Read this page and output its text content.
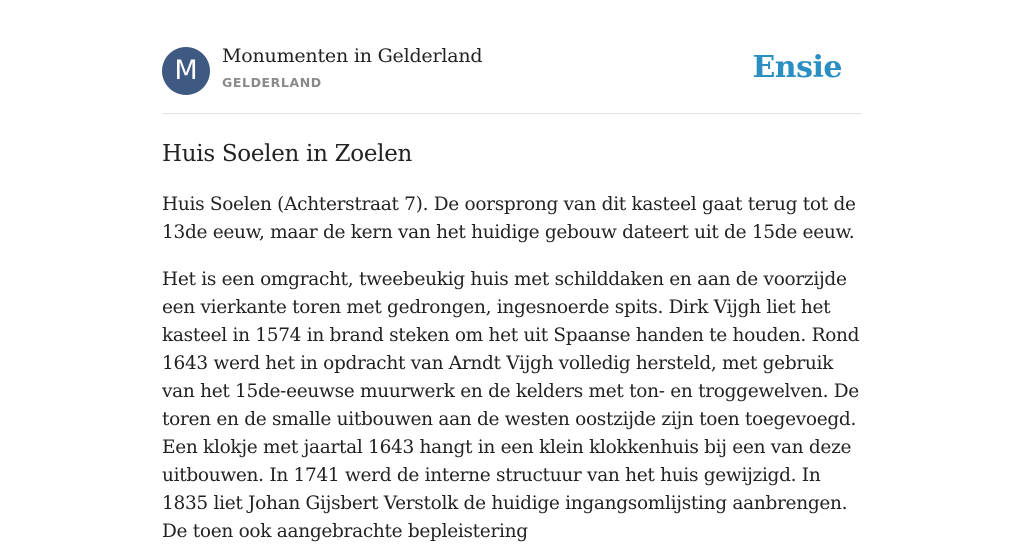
M	Monumenten in Gelderland
GELDERLAND	Ensie
Huis Soelen in Zoelen

Huis Soelen (Achterstraat 7). De oorsprong van dit kasteel gaat terug tot de 13de eeuw, maar de kern van het huidige gebouw dateert uit de 15de eeuw.

Het is een omgracht, tweebeukig huis met schilddaken en aan de voorzijde een vierkante toren met gedrongen, ingesnoerde spits. Dirk Vijgh liet het kasteel in 1574 in brand steken om het uit Spaanse handen te houden. Rond 1643 werd het in opdracht van Arndt Vijgh volledig hersteld, met gebruik van het 15de-eeuwse muurwerk en de kelders met ton- en troggewelven. De toren en de smalle uitbouwen aan de westen oostzijde zijn toen toegevoegd. Een klokje met jaartal 1643 hangt in een klein klokkenhuis bij een van deze uitbouwen. In 1741 werd de interne structuur van het huis gewijzigd. In 1835 liet Johan Gijsbert Verstolk de huidige ingangsomlijsting aanbrengen. De toen ook aangebrachte bepleistering
